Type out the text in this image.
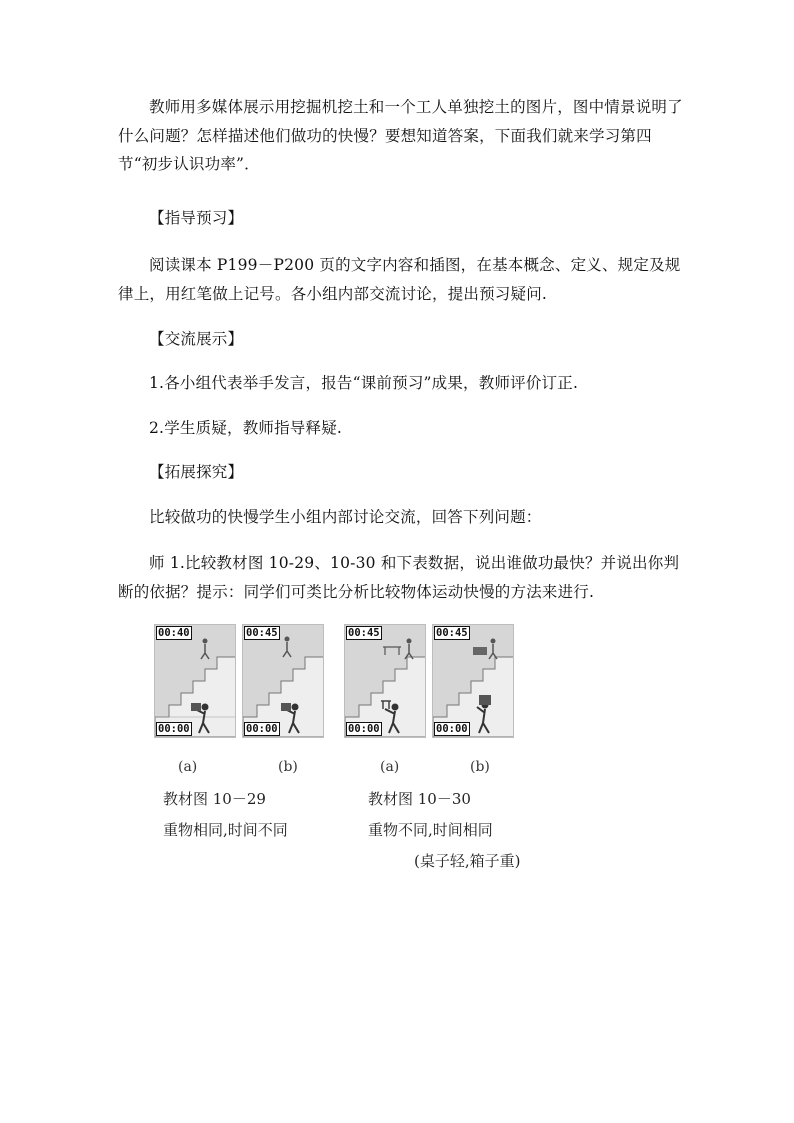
教师用多媒体展示用挖掘机挖土和一个工人单独挖土的图片，图中情景说明了什么问题？怎样描述他们做功的快慢？要想知道答案，下面我们就来学习第四节“初步认识功率”．

【指导预习】

阅读课本 P199－P200 页的文字内容和插图，在基本概念、定义、规定及规律上，用红笔做上记号。各小组内部交流讨论，提出预习疑问.

【交流展示】

1.各小组代表举手发言，报告“课前预习”成果，教师评价订正.

2.学生质疑，教师指导释疑.

【拓展探究】

比较做功的快慢学生小组内部讨论交流，回答下列问题：

师 1.比较教材图 10-29、10-30 和下表数据，说出谁做功最快？并说出你判断的依据？提示：同学们可类比分析比较物体运动快慢的方法来进行.

00:40
00:00
00:45
00:00
00:45
00:00
00:45
00:00
(a)	(b)	(a)	(b)
教材图 10－29
重物相同,时间不同
教材图 10－30
重物不同,时间相同
(桌子轻,箱子重)
